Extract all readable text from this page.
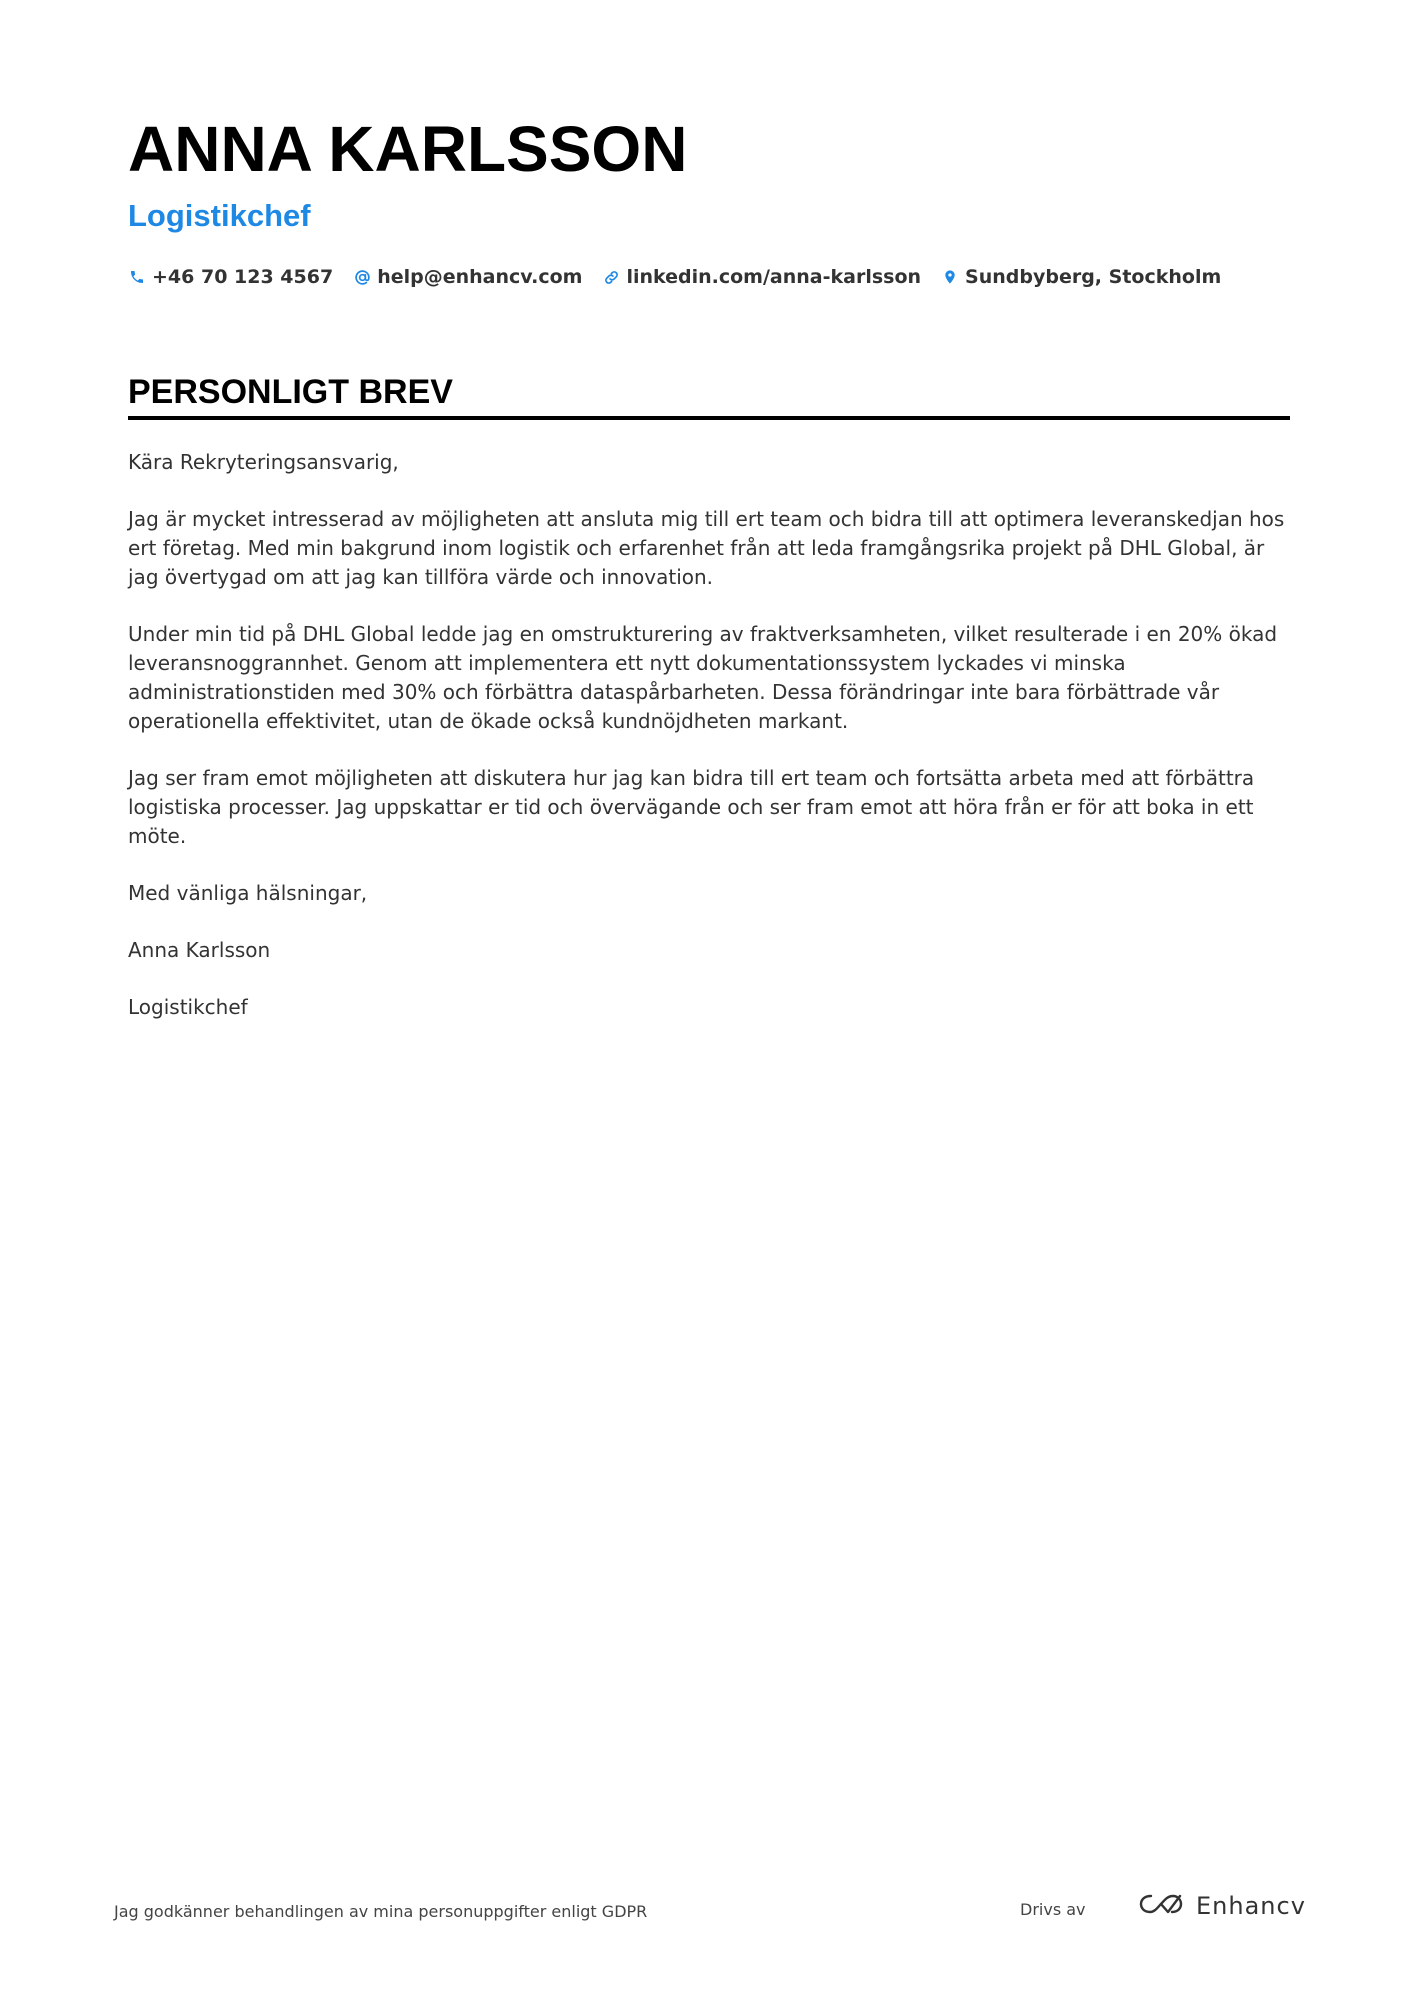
ANNA KARLSSON
Logistikchef
+46 70 123 4567 help@enhancv.com linkedin.com/anna-karlsson Sundbyberg, Stockholm
PERSONLIGT BREV

Kära Rekryteringsansvarig,

Jag är mycket intresserad av möjligheten att ansluta mig till ert team och bidra till att optimera leveranskedjan hos ert företag. Med min bakgrund inom logistik och erfarenhet från att leda framgångsrika projekt på DHL Global, är jag övertygad om att jag kan tillföra värde och innovation.

Under min tid på DHL Global ledde jag en omstrukturering av fraktverksamheten, vilket resulterade i en 20% ökad leveransnoggrannhet. Genom att implementera ett nytt dokumentationssystem lyckades vi minska administrationstiden med 30% och förbättra dataspårbarheten. Dessa förändringar inte bara förbättrade vår operationella effektivitet, utan de ökade också kundnöjdheten markant.

Jag ser fram emot möjligheten att diskutera hur jag kan bidra till ert team och fortsätta arbeta med att förbättra logistiska processer. Jag uppskattar er tid och övervägande och ser fram emot att höra från er för att boka in ett möte.

Med vänliga hälsningar,

Anna Karlsson

Logistikchef

Jag godkänner behandlingen av mina personuppgifter enligt GDPR	Drivs av	Enhancv
